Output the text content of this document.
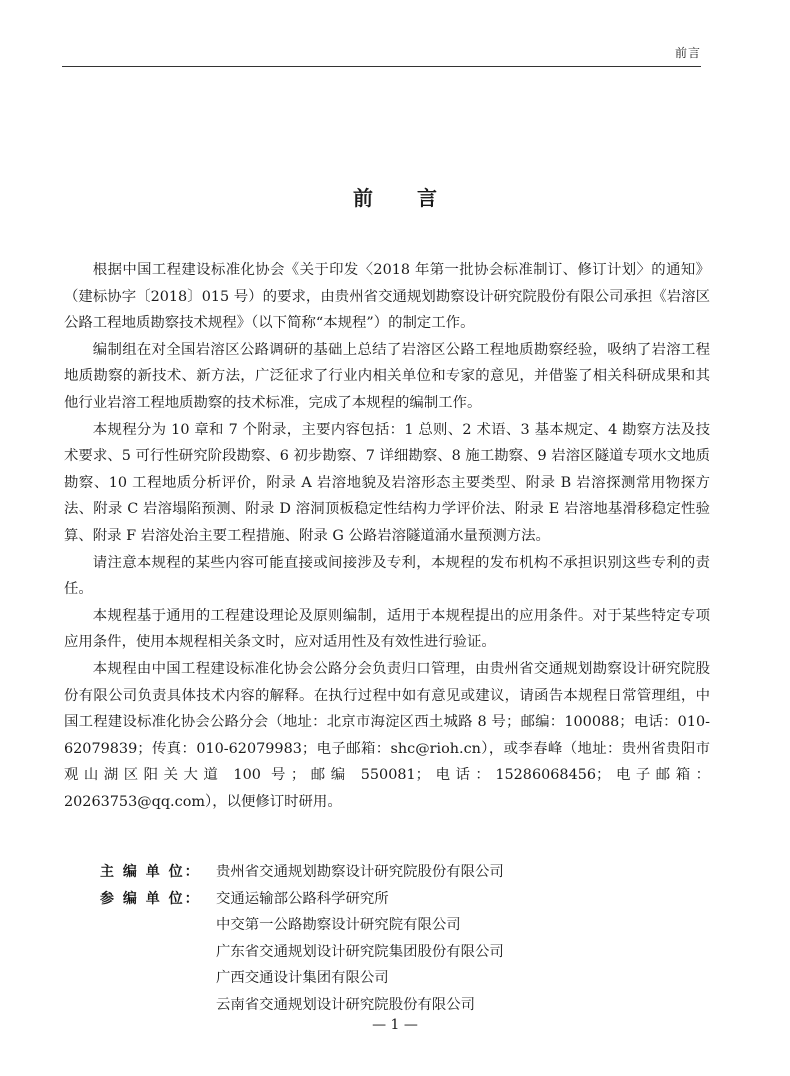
前言
前言

根据中国工程建设标准化协会《关于印发〈2018 年第一批协会标准制订、修订计划〉的通知》（建标协字〔2018〕015 号）的要求，由贵州省交通规划勘察设计研究院股份有限公司承担《岩溶区公路工程地质勘察技术规程》（以下简称“本规程”）的制定工作。

编制组在对全国岩溶区公路调研的基础上总结了岩溶区公路工程地质勘察经验，吸纳了岩溶工程地质勘察的新技术、新方法，广泛征求了行业内相关单位和专家的意见，并借鉴了相关科研成果和其他行业岩溶工程地质勘察的技术标准，完成了本规程的编制工作。

本规程分为 10 章和 7 个附录，主要内容包括：1 总则、2 术语、3 基本规定、4 勘察方法及技术要求、5 可行性研究阶段勘察、6 初步勘察、7 详细勘察、8 施工勘察、9 岩溶区隧道专项水文地质勘察、10 工程地质分析评价，附录 A 岩溶地貌及岩溶形态主要类型、附录 B 岩溶探测常用物探方法、附录 C 岩溶塌陷预测、附录 D 溶洞顶板稳定性结构力学评价法、附录 E 岩溶地基滑移稳定性验算、附录 F 岩溶处治主要工程措施、附录 G 公路岩溶隧道涌水量预测方法。

请注意本规程的某些内容可能直接或间接涉及专利，本规程的发布机构不承担识别这些专利的责任。

本规程基于通用的工程建设理论及原则编制，适用于本规程提出的应用条件。对于某些特定专项应用条件，使用本规程相关条文时，应对适用性及有效性进行验证。

本规程由中国工程建设标准化协会公路分会负责归口管理，由贵州省交通规划勘察设计研究院股份有限公司负责具体技术内容的解释。在执行过程中如有意见或建议，请函告本规程日常管理组，中国工程建设标准化协会公路分会（地址：北京市海淀区西土城路 8 号；邮编：100088；电话：010-62079839；传真：010-62079983；电子邮箱：shc@rioh.cn），或李春峰（地址：贵州省贵阳市观山湖区阳关大道 100 号；邮编 550081；电话：15286068456；电子邮箱：20263753@qq.com），以便修订时研用。

主 编 单 位：	贵州省交通规划勘察设计研究院股份有限公司
参 编 单 位：	交通运输部公路科学研究所
中交第一公路勘察设计研究院有限公司
广东省交通规划设计研究院集团股份有限公司
广西交通设计集团有限公司
云南省交通规划设计研究院股份有限公司
— 1 —
